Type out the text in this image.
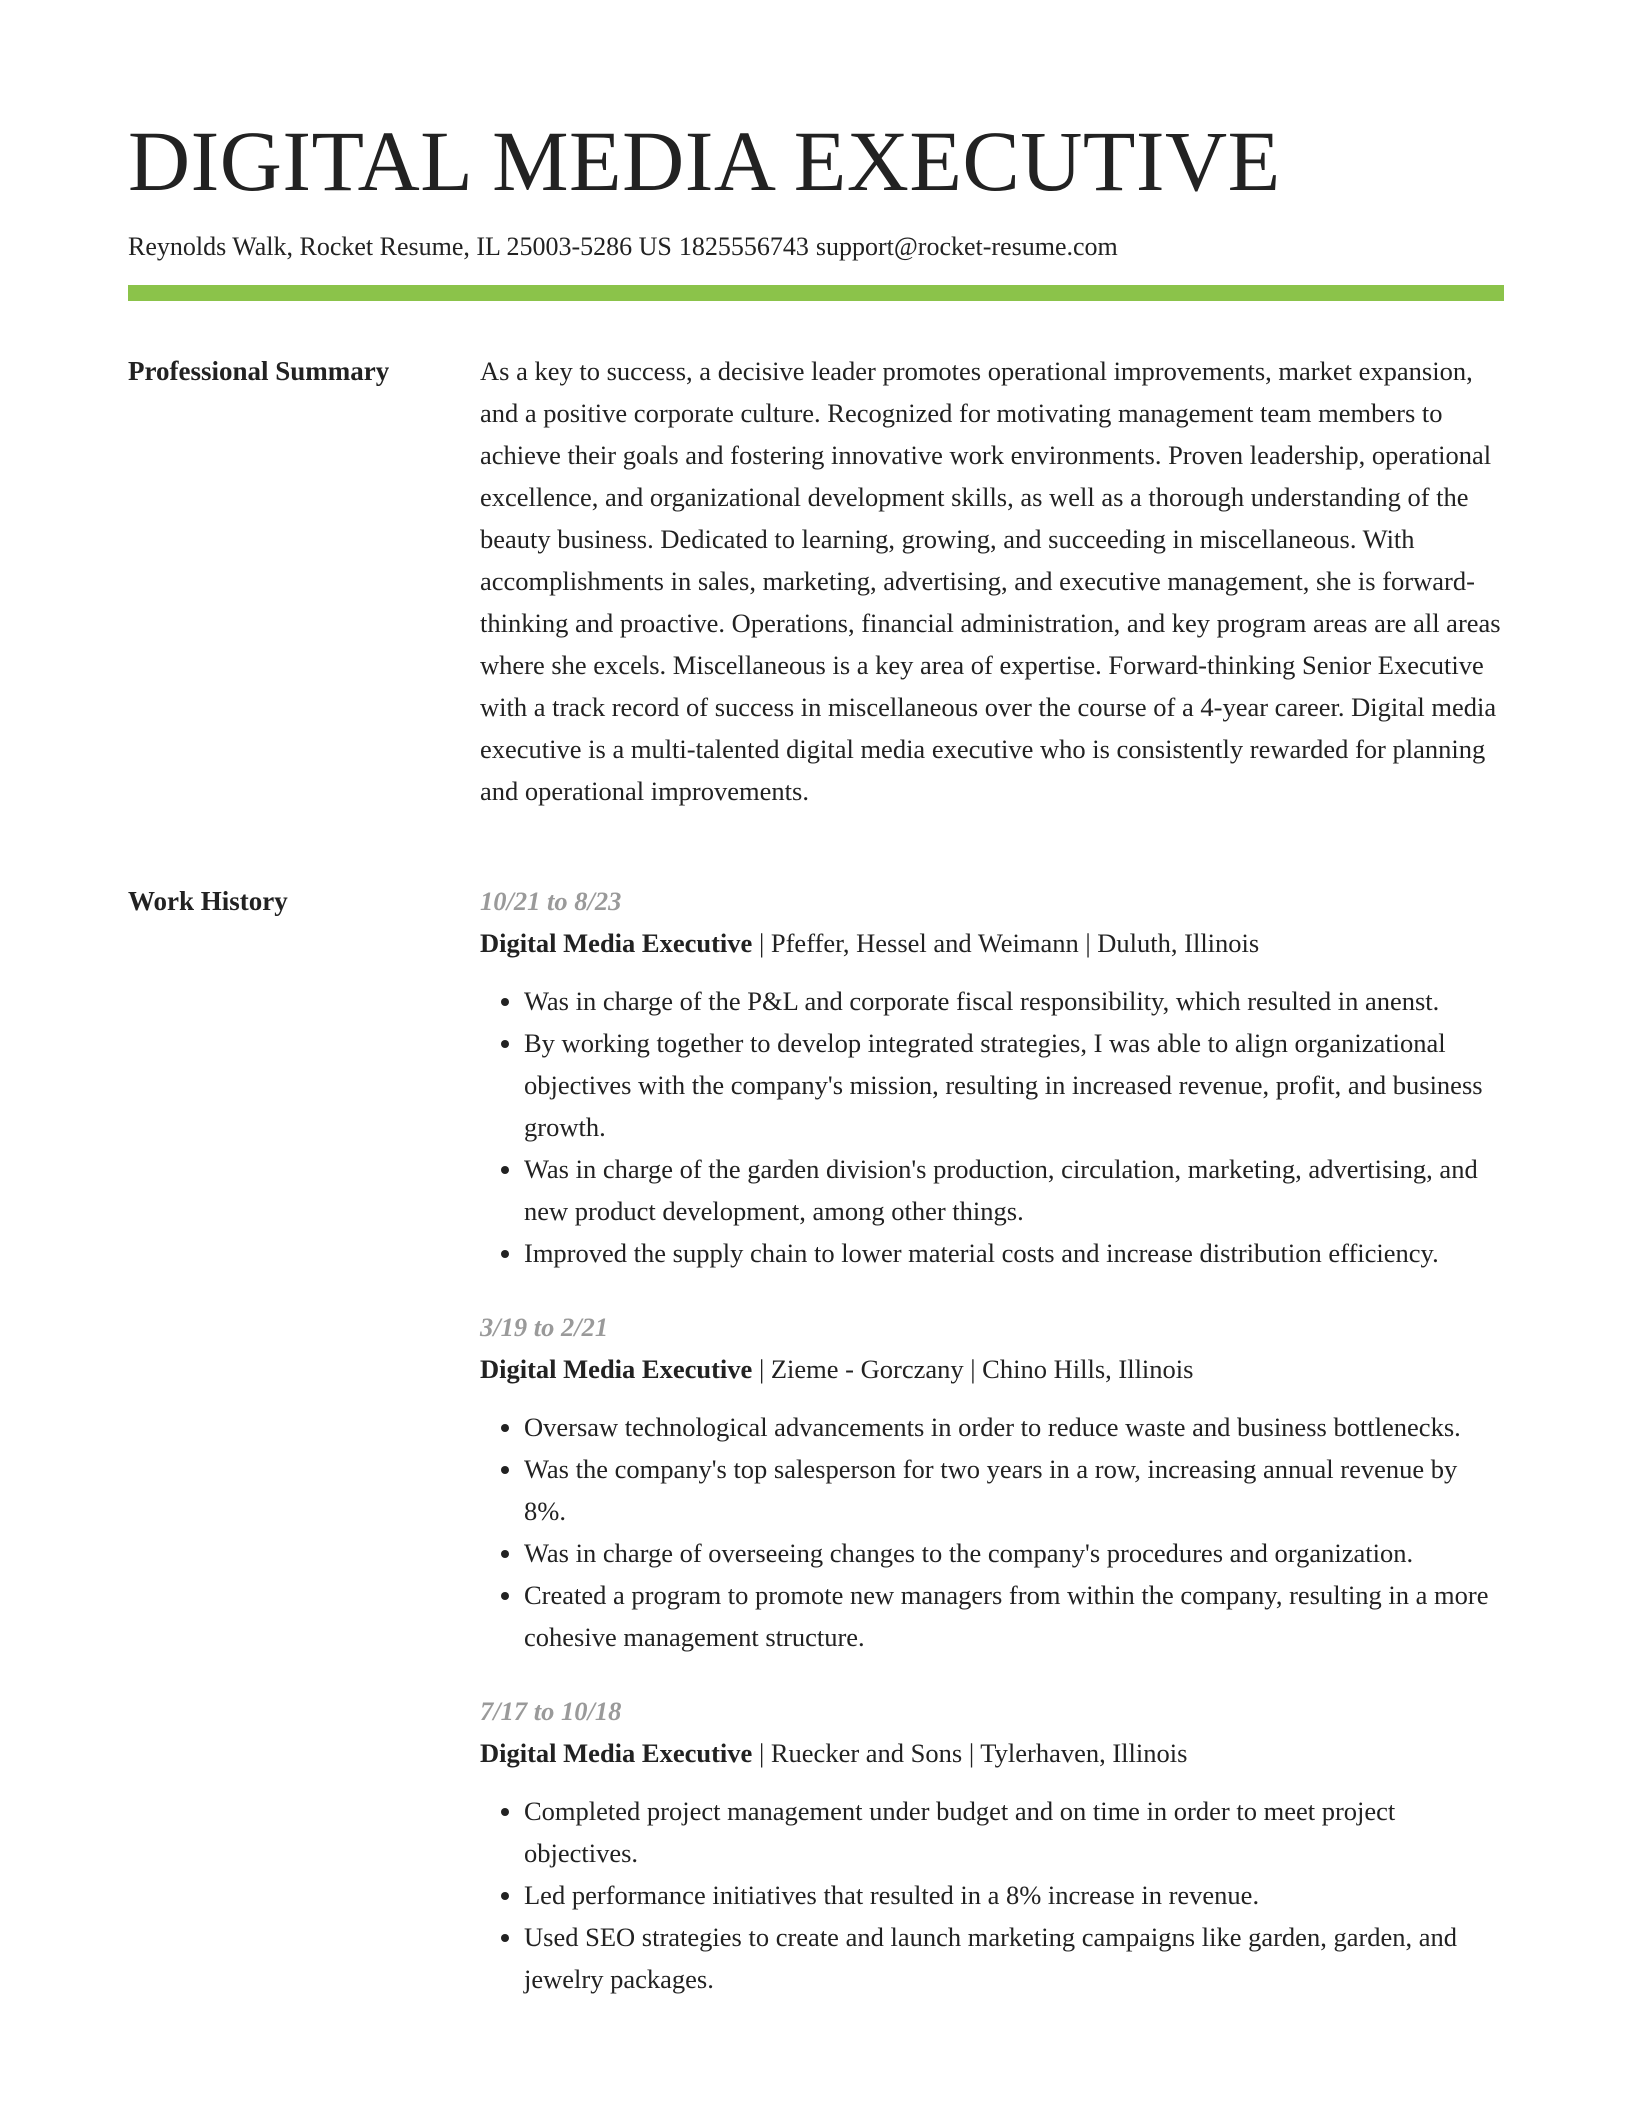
DIGITAL MEDIA EXECUTIVE
Reynolds Walk, Rocket Resume, IL 25003-5286 US 1825556743 support@rocket-resume.com
Professional Summary	As a key to success, a decisive leader promotes operational improvements, market expansion, and a positive corporate culture. Recognized for motivating management team members to achieve their goals and fostering innovative work environments. Proven leadership, operational excellence, and organizational development skills, as well as a thorough understanding of the beauty business. Dedicated to learning, growing, and succeeding in miscellaneous. With accomplishments in sales, marketing, advertising, and executive management, she is forward-thinking and proactive. Operations, financial administration, and key program areas are all areas where she excels. Miscellaneous is a key area of expertise. Forward-thinking Senior Executive with a track record of success in miscellaneous over the course of a 4-year career. Digital media executive is a multi-talented digital media executive who is consistently rewarded for planning and operational improvements.

Work History	10/21 to 8/23
Digital Media Executive | Pfeffer, Hessel and Weimann | Duluth, Illinois
• Was in charge of the P&L and corporate fiscal responsibility, which resulted in anenst.
• By working together to develop integrated strategies, I was able to align organizational objectives with the company's mission, resulting in increased revenue, profit, and business growth.
• Was in charge of the garden division's production, circulation, marketing, advertising, and new product development, among other things.
• Improved the supply chain to lower material costs and increase distribution efficiency.
3/19 to 2/21
Digital Media Executive | Zieme - Gorczany | Chino Hills, Illinois
• Oversaw technological advancements in order to reduce waste and business bottlenecks.
• Was the company's top salesperson for two years in a row, increasing annual revenue by 8%.
• Was in charge of overseeing changes to the company's procedures and organization.
• Created a program to promote new managers from within the company, resulting in a more cohesive management structure.
7/17 to 10/18
Digital Media Executive | Ruecker and Sons | Tylerhaven, Illinois
• Completed project management under budget and on time in order to meet project objectives.
• Led performance initiatives that resulted in a 8% increase in revenue.
• Used SEO strategies to create and launch marketing campaigns like garden, garden, and jewelry packages.
